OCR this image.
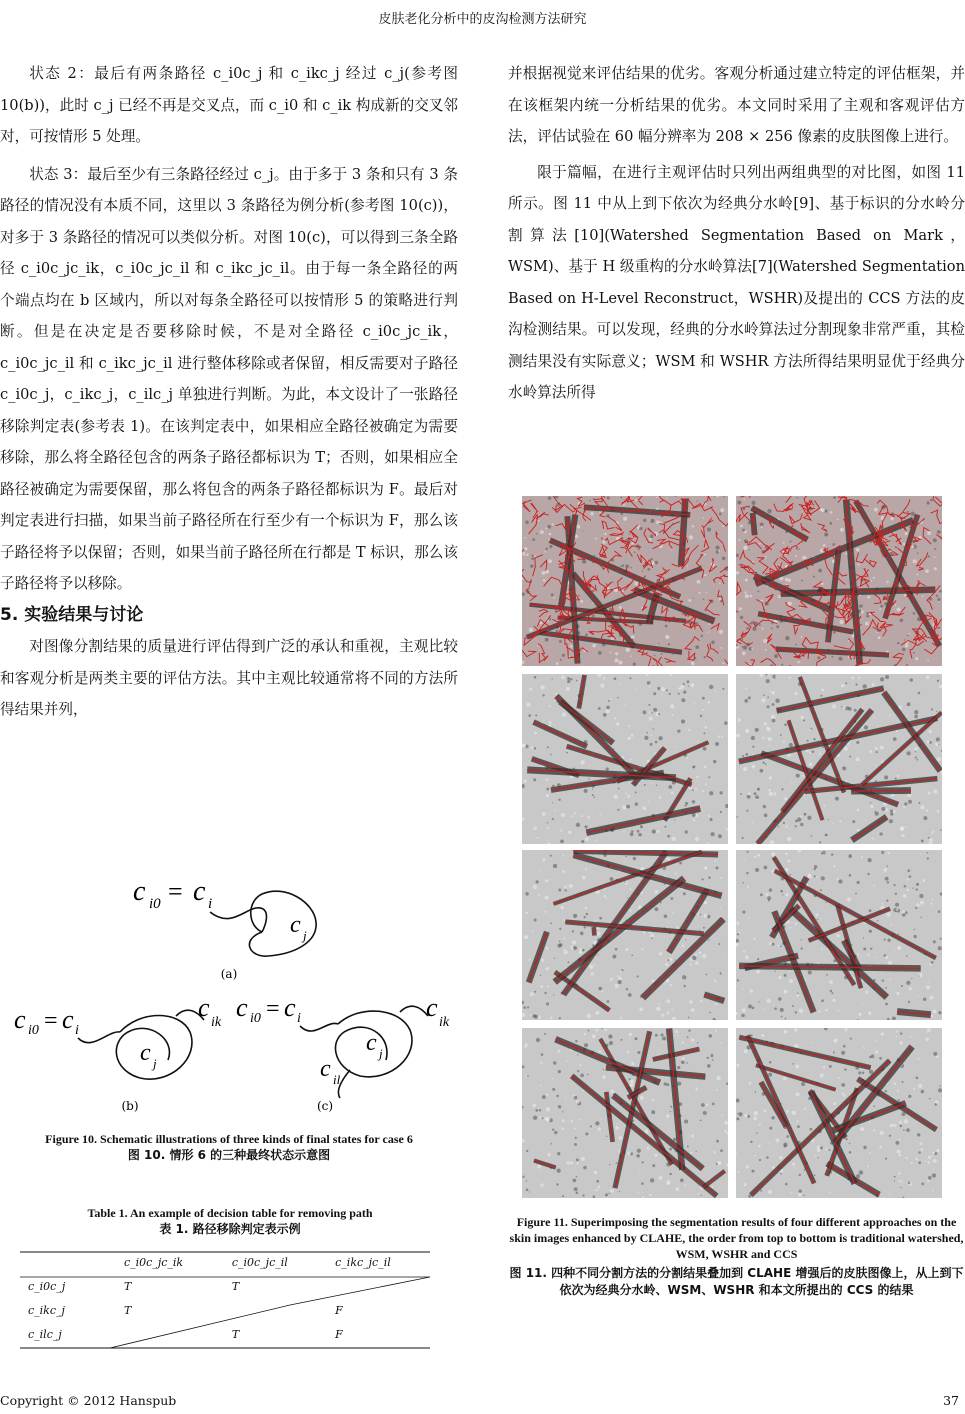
皮肤老化分析中的皮沟检测方法研究

状态 2：最后有两条路径 c_i0c_j 和 c_ikc_j 经过 c_j(参考图 10(b))，此时 c_j 已经不再是交叉点，而 c_i0 和 c_ik 构成新的交叉邻对，可按情形 5 处理。

状态 3：最后至少有三条路径经过 c_j。由于多于 3 条和只有 3 条路径的情况没有本质不同，这里以 3 条路径为例分析(参考图 10(c))，对多于 3 条路径的情况可以类似分析。对图 10(c)，可以得到三条全路径 c_i0c_jc_ik，c_i0c_jc_il 和 c_ikc_jc_il。由于每一条全路径的两个端点均在 b 区域内，所以对每条全路径可以按情形 5 的策略进行判断。但是在决定是否要移除时候，不是对全路径 c_i0c_jc_ik，c_i0c_jc_il 和 c_ikc_jc_il 进行整体移除或者保留，相反需要对子路径 c_i0c_j，c_ikc_j，c_ilc_j 单独进行判断。为此，本文设计了一张路径移除判定表(参考表 1)。在该判定表中，如果相应全路径被确定为需要移除，那么将全路径包含的两条子路径都标识为 T；否则，如果相应全路径被确定为需要保留，那么将包含的两条子路径都标识为 F。最后对判定表进行扫描，如果当前子路径所在行至少有一个标识为 F，那么该子路径将予以保留；否则，如果当前子路径所在行都是 T 标识，那么该子路径将予以移除。

5. 实验结果与讨论

对图像分割结果的质量进行评估得到广泛的承认和重视，主观比较和客观分析是两类主要的评估方法。其中主观比较通常将不同的方法所得结果并列，

c i0 = c i
c j
(a)
c i0 = c i
c
ik
c j
c i0 = c i	c
ik
c j
c il
(b)	(c)
Figure 10. Schematic illustrations of three kinds of final states for case 6
图 10. 情形 6 的三种最终状态示意图
Table 1. An example of decision table for removing path
表 1. 路径移除判定表示例
	c_i0c_jc_ik	c_i0c_jc_il	c_ikc_jc_il
c_i0c_j	T	T	
c_ikc_j	T		F
c_ilc_j		T	F

并根据视觉来评估结果的优劣。客观分析通过建立特定的评估框架，并在该框架内统一分析结果的优劣。本文同时采用了主观和客观评估方法，评估试验在 60 幅分辨率为 208 × 256 像素的皮肤图像上进行。

限于篇幅，在进行主观评估时只列出两组典型的对比图，如图 11 所示。图 11 中从上到下依次为经典分水岭[9]、基于标识的分水岭分割算法[10](Watershed Segmentation Based on Mark，WSM)、基于 H 级重构的分水岭算法[7](Watershed Segmentation Based on H-Level Reconstruct，WSHR)及提出的 CCS 方法的皮沟检测结果。可以发现，经典的分水岭算法过分割现象非常严重，其检测结果没有实际意义；WSM 和 WSHR 方法所得结果明显优于经典分水岭算法所得

Figure 11. Superimposing the segmentation results of four different approaches on the skin images enhanced by CLAHE, the order from top to bottom is traditional watershed, WSM, WSHR and CCS
图 11. 四种不同分割方法的分割结果叠加到 CLAHE 增强后的皮肤图像上，从上到下依次为经典分水岭、WSM、WSHR 和本文所提出的 CCS 的结果
Copyright © 2012 Hanspub	37
